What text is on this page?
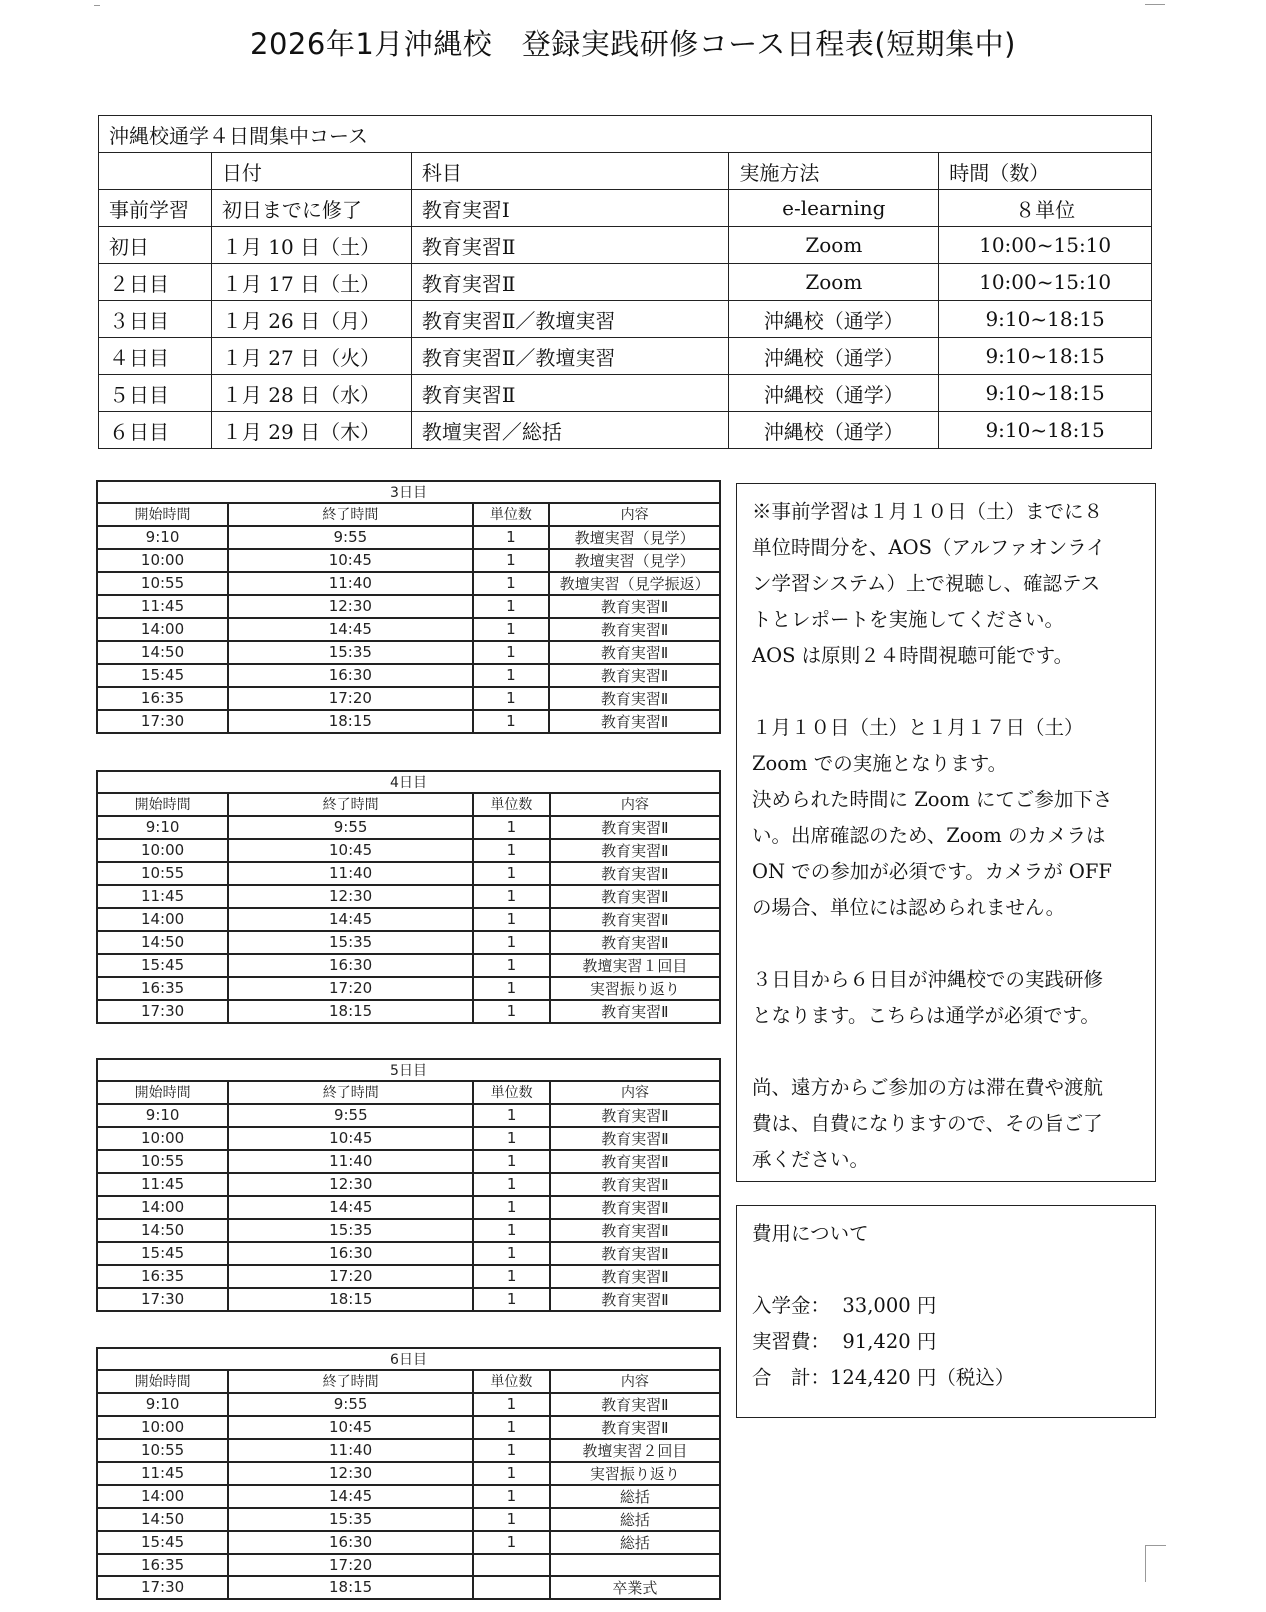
2026年1月沖縄校　登録実践研修コース日程表(短期集中)
沖縄校通学４日間集中コース				
	日付	科目	実施方法	時間（数）
事前学習	初日までに修了	教育実習Ⅰ	e-learning	８単位
初日	１月 10 日（土）	教育実習Ⅱ	Zoom	10:00~15:10
２日目	１月 17 日（土）	教育実習Ⅱ	Zoom	10:00~15:10
３日目	１月 26 日（月）	教育実習Ⅱ／教壇実習	沖縄校（通学）	9:10~18:15
４日目	１月 27 日（火）	教育実習Ⅱ／教壇実習	沖縄校（通学）	9:10~18:15
５日目	１月 28 日（水）	教育実習Ⅱ	沖縄校（通学）	9:10~18:15
６日目	１月 29 日（木）	教壇実習／総括	沖縄校（通学）	9:10~18:15
3日目			
開始時間	終了時間	単位数	内容
9:10	9:55	1	教壇実習（見学）
10:00	10:45	1	教壇実習（見学）
10:55	11:40	1	教壇実習（見学振返）
11:45	12:30	1	教育実習Ⅱ
14:00	14:45	1	教育実習Ⅱ
14:50	15:35	1	教育実習Ⅱ
15:45	16:30	1	教育実習Ⅱ
16:35	17:20	1	教育実習Ⅱ
17:30	18:15	1	教育実習Ⅱ
4日目			
開始時間	終了時間	単位数	内容
9:10	9:55	1	教育実習Ⅱ
10:00	10:45	1	教育実習Ⅱ
10:55	11:40	1	教育実習Ⅱ
11:45	12:30	1	教育実習Ⅱ
14:00	14:45	1	教育実習Ⅱ
14:50	15:35	1	教育実習Ⅱ
15:45	16:30	1	教壇実習１回目
16:35	17:20	1	実習振り返り
17:30	18:15	1	教育実習Ⅱ
5日目			
開始時間	終了時間	単位数	内容
9:10	9:55	1	教育実習Ⅱ
10:00	10:45	1	教育実習Ⅱ
10:55	11:40	1	教育実習Ⅱ
11:45	12:30	1	教育実習Ⅱ
14:00	14:45	1	教育実習Ⅱ
14:50	15:35	1	教育実習Ⅱ
15:45	16:30	1	教育実習Ⅱ
16:35	17:20	1	教育実習Ⅱ
17:30	18:15	1	教育実習Ⅱ
6日目			
開始時間	終了時間	単位数	内容
9:10	9:55	1	教育実習Ⅱ
10:00	10:45	1	教育実習Ⅱ
10:55	11:40	1	教壇実習２回目
11:45	12:30	1	実習振り返り
14:00	14:45	1	総括
14:50	15:35	1	総括
15:45	16:30	1	総括
16:35	17:20		
17:30	18:15		卒業式

※事前学習は１月１０日（土）までに８

単位時間分を、AOS（アルファオンライ

ン学習システム）上で視聴し、確認テス

トとレポートを実施してください。

AOS は原則２４時間視聴可能です。

１月１０日（土）と１月１７日（土）

Zoom での実施となります。

決められた時間に Zoom にてご参加下さ

い。出席確認のため、Zoom のカメラは

ON での参加が必須です。カメラが OFF

の場合、単位には認められません。

３日目から６日目が沖縄校での実践研修

となります。こちらは通学が必須です。

尚、遠方からご参加の方は滞在費や渡航

費は、自費になりますので、その旨ご了

承ください。

費用について

入学金：  33,000 円

実習費：  91,420 円

合　計：124,420 円（税込）
